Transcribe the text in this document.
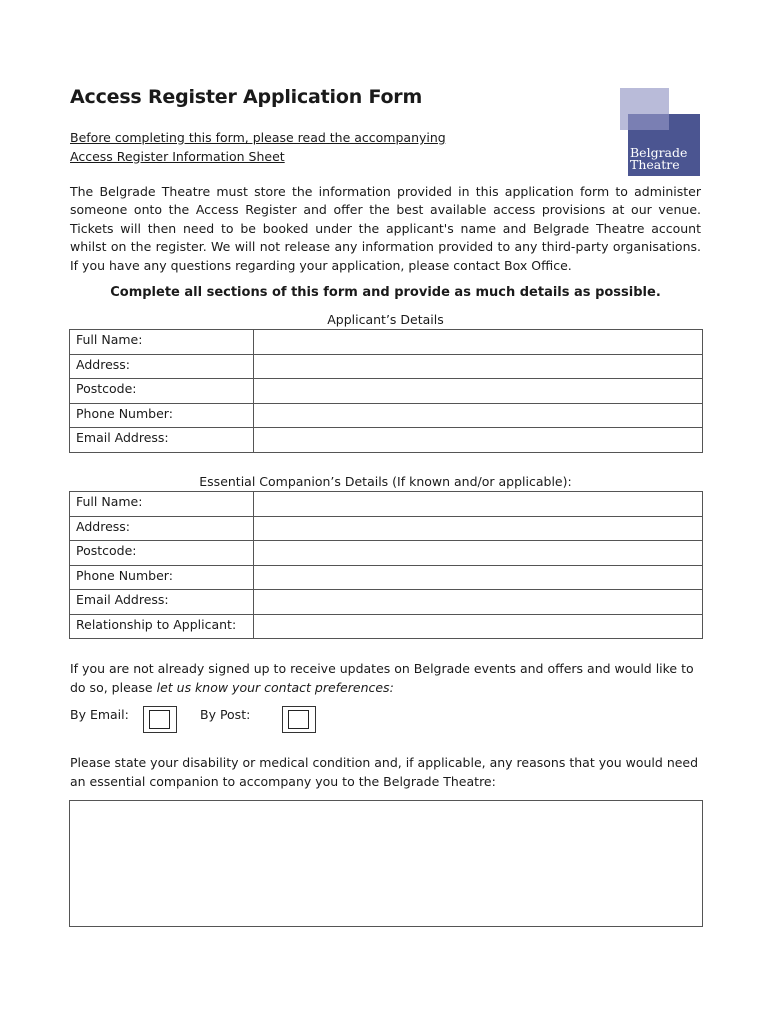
Access Register Application Form
Before completing this form, please read the accompanying
Access Register Information Sheet	Belgrade
Theatre
The Belgrade Theatre must store the information provided in this application form to administer someone onto the Access Register and offer the best available access provisions at our venue. Tickets will then need to be booked under the applicant's name and Belgrade Theatre account whilst on the register. We will not release any information provided to any third-party organisations. If you have any questions regarding your application, please contact Box Office.
Complete all sections of this form and provide as much details as possible.
Applicant’s Details
Full Name:	
Address:	
Postcode:	
Phone Number:	
Email Address:	
Essential Companion’s Details (If known and/or applicable):
Full Name:	
Address:	
Postcode:	
Phone Number:	
Email Address:	
Relationship to Applicant:	
If you are not already signed up to receive updates on Belgrade events and offers and would like to do so, please let us know your contact preferences:
By Email:	By Post:
Please state your disability or medical condition and, if applicable, any reasons that you would need an essential companion to accompany you to the Belgrade Theatre:
